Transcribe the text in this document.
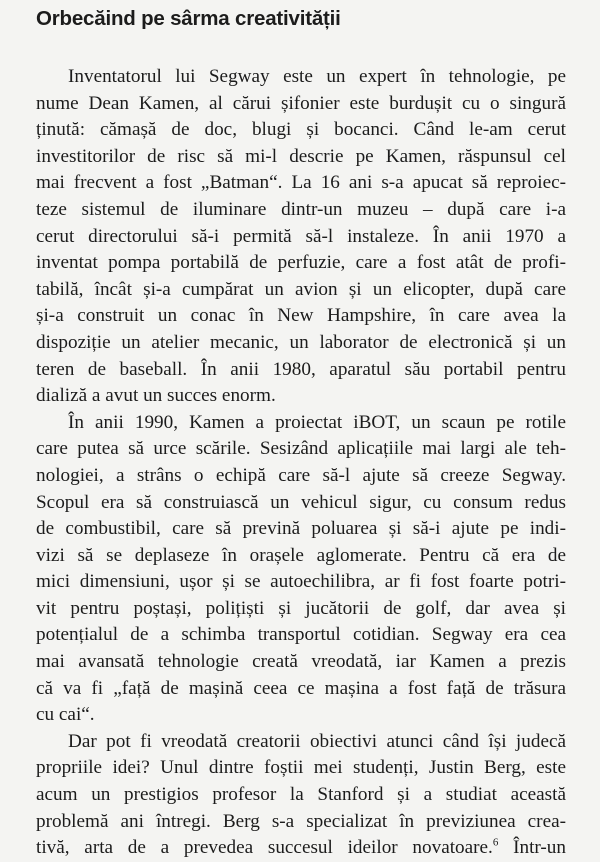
Orbecăind pe sârma creativității
Inventatorul lui Segway este un expert în tehnologie, pe
nume Dean Kamen, al cărui șifonier este burdușit cu o singură
ținută: cămașă de doc, blugi și bocanci. Când le-am cerut
investitorilor de risc să mi-l descrie pe Kamen, răspunsul cel
mai frecvent a fost „Batman“. La 16 ani s-a apucat să reproiec-
teze sistemul de iluminare dintr-un muzeu – după care i-a
cerut directorului să-i permită să-l instaleze. În anii 1970 a
inventat pompa portabilă de perfuzie, care a fost atât de profi-
tabilă, încât și-a cumpărat un avion și un elicopter, după care
și-a construit un conac în New Hampshire, în care avea la
dispoziție un atelier mecanic, un laborator de electronică și un
teren de baseball. În anii 1980, aparatul său portabil pentru
dializă a avut un succes enorm.
În anii 1990, Kamen a proiectat iBOT, un scaun pe rotile
care putea să urce scările. Sesizând aplicațiile mai largi ale teh-
nologiei, a strâns o echipă care să-l ajute să creeze Segway.
Scopul era să construiască un vehicul sigur, cu consum redus
de combustibil, care să prevină poluarea și să-i ajute pe indi-
vizi să se deplaseze în orașele aglomerate. Pentru că era de
mici dimensiuni, ușor și se autoechilibra, ar fi fost foarte potri-
vit pentru poștași, polițiști și jucătorii de golf, dar avea și
potențialul de a schimba transportul cotidian. Segway era cea
mai avansată tehnologie creată vreodată, iar Kamen a prezis
că va fi „față de mașină ceea ce mașina a fost față de trăsura
cu cai“.
Dar pot fi vreodată creatorii obiectivi atunci când își judecă
propriile idei? Unul dintre foștii mei studenți, Justin Berg, este
acum un prestigios profesor la Stanford și a studiat această
problemă ani întregi. Berg s-a specializat în previziunea crea-
tivă, arta de a prevedea succesul ideilor novatoare.$^6$ Într-un
